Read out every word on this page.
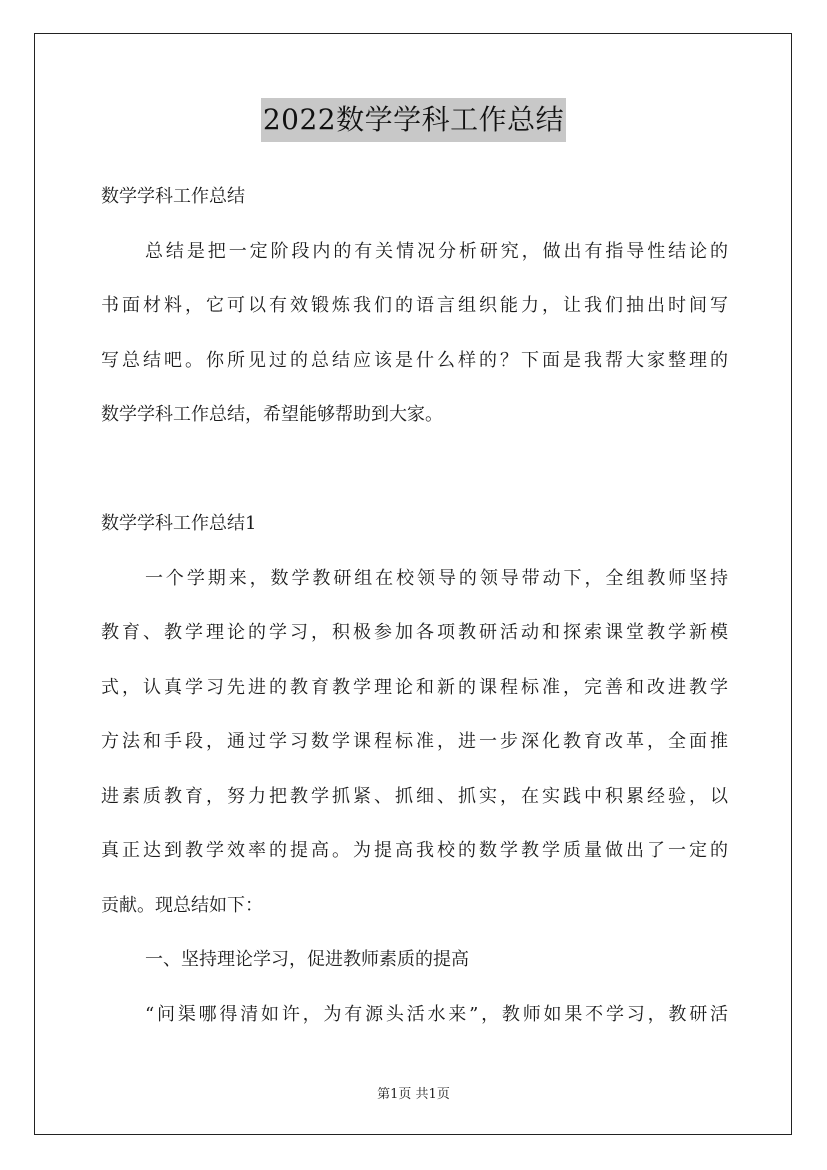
2022数学学科工作总结
数学学科工作总结
总结是把一定阶段内的有关情况分析研究，做出有指导性结论的
书面材料，它可以有效锻炼我们的语言组织能力，让我们抽出时间写
写总结吧。你所见过的总结应该是什么样的？下面是我帮大家整理的
数学学科工作总结，希望能够帮助到大家。
数学学科工作总结1
一个学期来，数学教研组在校领导的领导带动下，全组教师坚持
教育、教学理论的学习，积极参加各项教研活动和探索课堂教学新模
式，认真学习先进的教育教学理论和新的课程标准，完善和改进教学
方法和手段，通过学习数学课程标准，进一步深化教育改革，全面推
进素质教育，努力把教学抓紧、抓细、抓实，在实践中积累经验，以
真正达到教学效率的提高。为提高我校的数学教学质量做出了一定的
贡献。现总结如下：
一、坚持理论学习，促进教师素质的提高
“问渠哪得清如许，为有源头活水来”，教师如果不学习，教研活
第1页 共1页
